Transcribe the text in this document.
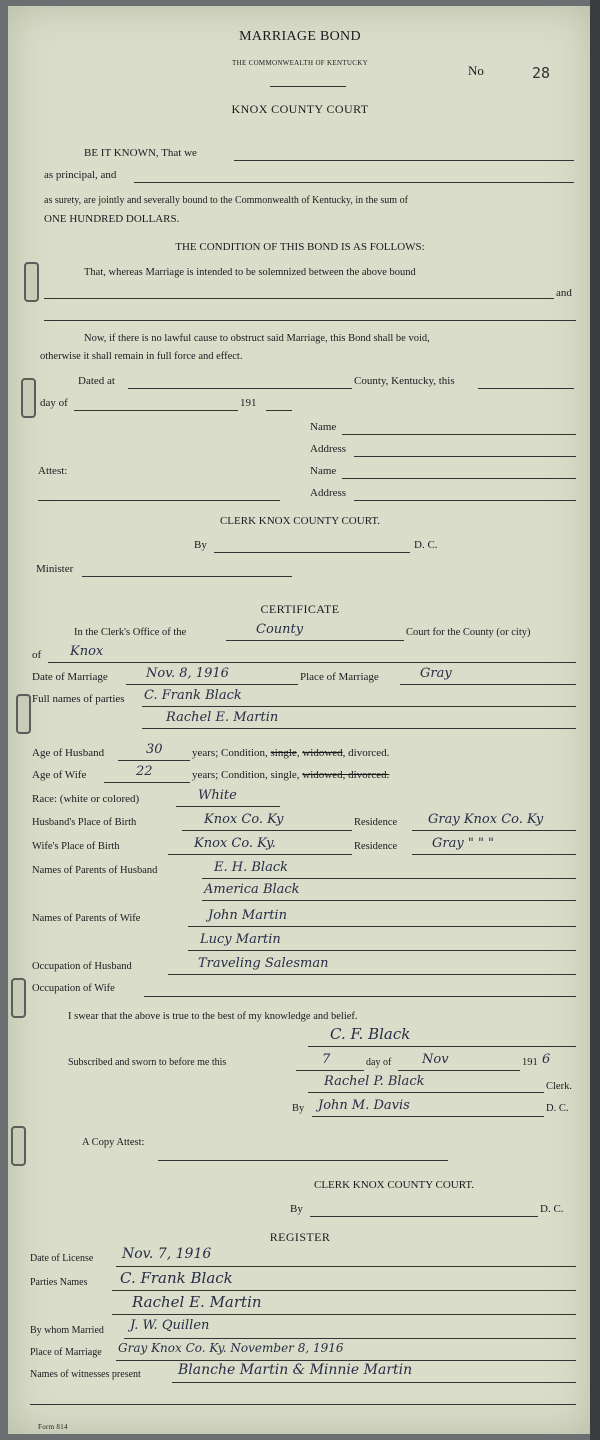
MARRIAGE BOND
THE COMMONWEALTH OF KENTUCKY	No	28
KNOX COUNTY COURT
BE IT KNOWN, That we
as principal, and
as surety, are jointly and severally bound to the Commonwealth of Kentucky, in the sum of
ONE HUNDRED DOLLARS.
THE CONDITION OF THIS BOND IS AS FOLLOWS:
That, whereas Marriage is intended to be solemnized between the above bound
and
Now, if there is no lawful cause to obstruct said Marriage, this Bond shall be void,
otherwise it shall remain in full force and effect.
Dated at	County, Kentucky, this
day of	191
Name
Address
Attest:	Name
Address
CLERK KNOX COUNTY COURT.
By	D. C.
Minister
CERTIFICATE
In the Clerk's Office of the	County	Court for the County (or city)
of Knox
Date of Marriage	Nov. 8, 1916	Place of Marriage	Gray
Full names of parties C. Frank Black
Rachel E. Martin
Age of Husband	30	years; Condition, single, widowed, divorced.
Age of Wife	22	years; Condition, single, widowed, divorced.
Race: (white or colored)	White
Husband's Place of Birth	Knox Co. Ky	Residence Gray Knox Co. Ky
Wife's Place of Birth	Knox Co. Ky.	Residence	Gray " " "
Names of Parents of Husband	E. H. Black
America Black
Names of Parents of Wife	John Martin
Lucy Martin
Occupation of Husband	Traveling Salesman
Occupation of Wife
I swear that the above is true to the best of my knowledge and belief.
C. F. Black
Subscribed and sworn to before me this	7	day of Nov	191 6
Rachel P. Black	Clerk.
By John M. Davis	D. C.
A Copy Attest:
CLERK KNOX COUNTY COURT.
By	D. C.
REGISTER
Date of License Nov. 7, 1916
Parties Names C. Frank Black
Rachel E. Martin
By whom Married J. W. Quillen
Place of Marriage Gray Knox Co. Ky. November 8, 1916
Names of witnesses present	Blanche Martin & Minnie Martin
Form 814
